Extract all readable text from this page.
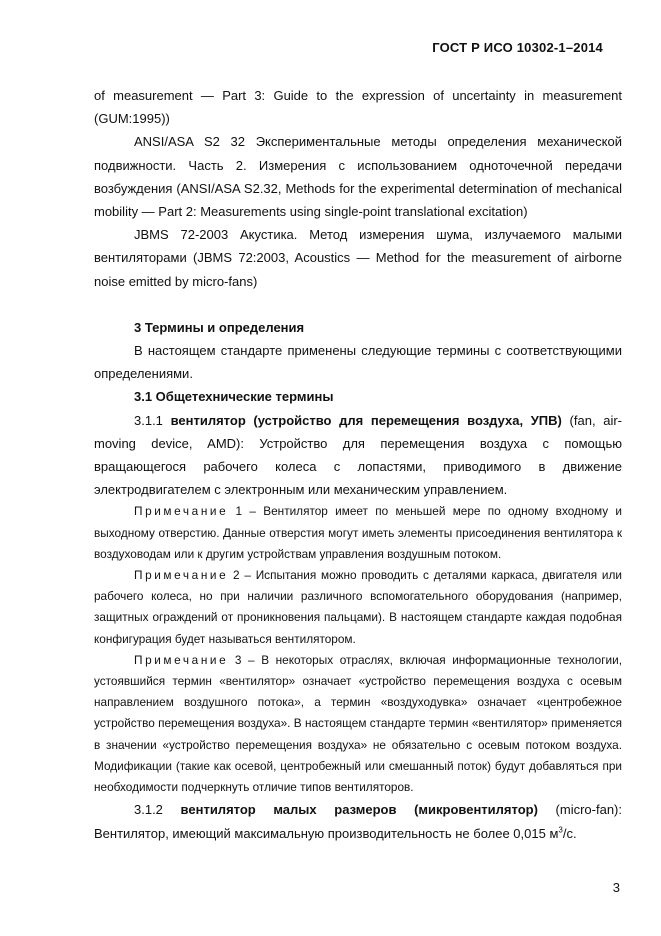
ГОСТ Р ИСО 10302-1–2014

of measurement — Part 3: Guide to the expression of uncertainty in measurement (GUM:1995))

ANSI/ASA S2 32 Экспериментальные методы определения механической подвижности. Часть 2. Измерения с использованием одноточечной передачи возбуждения (ANSI/ASA S2.32, Methods for the experimental determination of mechanical mobility — Part 2: Measurements using single-point translational excitation)

JBMS 72-2003 Акустика. Метод измерения шума, излучаемого малыми вентиляторами (JBMS 72:2003, Acoustics — Method for the measurement of airborne noise emitted by micro-fans)

3 Термины и определения

В настоящем стандарте применены следующие термины с соответствующими определениями.

3.1 Общетехнические термины

3.1.1 вентилятор (устройство для перемещения воздуха, УПВ) (fan, air-moving device, AMD): Устройство для перемещения воздуха с помощью вращающегося рабочего колеса с лопастями, приводимого в движение электродвигателем с электронным или механическим управлением.

Примечание 1 – Вентилятор имеет по меньшей мере по одному входному и выходному отверстию. Данные отверстия могут иметь элементы присоединения вентилятора к воздуховодам или к другим устройствам управления воздушным потоком.

Примечание 2 – Испытания можно проводить с деталями каркаса, двигателя или рабочего колеса, но при наличии различного вспомогательного оборудования (например, защитных ограждений от проникновения пальцами). В настоящем стандарте каждая подобная конфигурация будет называться вентилятором.

Примечание 3 – В некоторых отраслях, включая информационные технологии, устоявшийся термин «вентилятор» означает «устройство перемещения воздуха с осевым направлением воздушного потока», а термин «воздуходувка» означает «центробежное устройство перемещения воздуха». В настоящем стандарте термин «вентилятор» применяется в значении «устройство перемещения воздуха» не обязательно с осевым потоком воздуха. Модификации (такие как осевой, центробежный или смешанный поток) будут добавляться при необходимости подчеркнуть отличие типов вентиляторов.

3.1.2 вентилятор малых размеров (микровентилятор) (micro-fan): Вентилятор, имеющий максимальную производительность не более 0,015 $м^3/с$.

3
